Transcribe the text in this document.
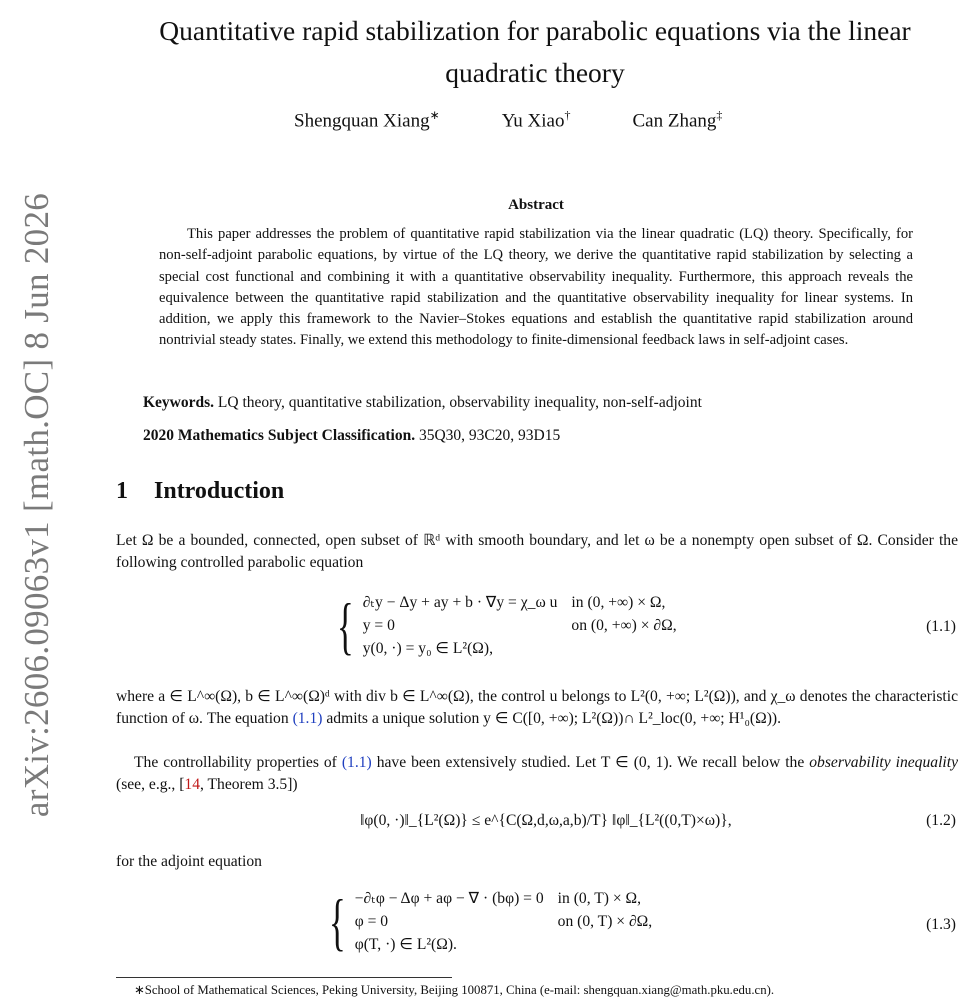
arXiv:2606.09063v1 [math.OC] 8 Jun 2026
Quantitative rapid stabilization for parabolic equations via the linear quadratic theory
Shengquan Xiang∗	Yu Xiao†	Can Zhang‡
Abstract

This paper addresses the problem of quantitative rapid stabilization via the linear quadratic (LQ) theory. Specifically, for non-self-adjoint parabolic equations, by virtue of the LQ theory, we derive the quantitative rapid stabilization by selecting a special cost functional and combining it with a quantitative observability inequality. Furthermore, this approach reveals the equivalence between the quantitative rapid stabilization and the quantitative observability inequality for linear systems. In addition, we apply this framework to the Navier–Stokes equations and establish the quantitative rapid stabilization around nontrivial steady states. Finally, we extend this methodology to finite-dimensional feedback laws in self-adjoint cases.

Keywords. LQ theory, quantitative stabilization, observability inequality, non-self-adjoint
2020 Mathematics Subject Classification. 35Q30, 93C20, 93D15
1 Introduction

Let Ω be a bounded, connected, open subset of ℝᵈ with smooth boundary, and let ω be a nonempty open subset of Ω. Consider the following controlled parabolic equation

{ ∂ₜy − Δy + ay + b · ∇y = χ_ω u	in (0, +∞) × Ω,
y = 0	on (0, +∞) × ∂Ω,
y(0, ·) = y₀ ∈ L²(Ω),	
(1.1)

where a ∈ L^∞(Ω), b ∈ L^∞(Ω)ᵈ with div b ∈ L^∞(Ω), the control u belongs to L²(0, +∞; L²(Ω)), and χ_ω denotes the characteristic function of ω. The equation (1.1) admits a unique solution y ∈ C([0, +∞); L²(Ω))∩ L²_loc(0, +∞; H¹₀(Ω)).

The controllability properties of (1.1) have been extensively studied. Let T ∈ (0, 1). We recall below the observability inequality (see, e.g., [14, Theorem 3.5])

‖φ(0, ·)‖_{L²(Ω)} ≤ e^{C(Ω,d,ω,a,b)/T} ‖φ‖_{L²((0,T)×ω)},	(1.2)

for the adjoint equation

{ −∂ₜφ − Δφ + aφ − ∇ · (bφ) = 0	in (0, T) × Ω,
φ = 0	on (0, T) × ∂Ω,
φ(T, ·) ∈ L²(Ω).	
(1.3)
∗School of Mathematical Sciences, Peking University, Beijing 100871, China (e-mail: shengquan.xiang@math.pku.edu.cn).
